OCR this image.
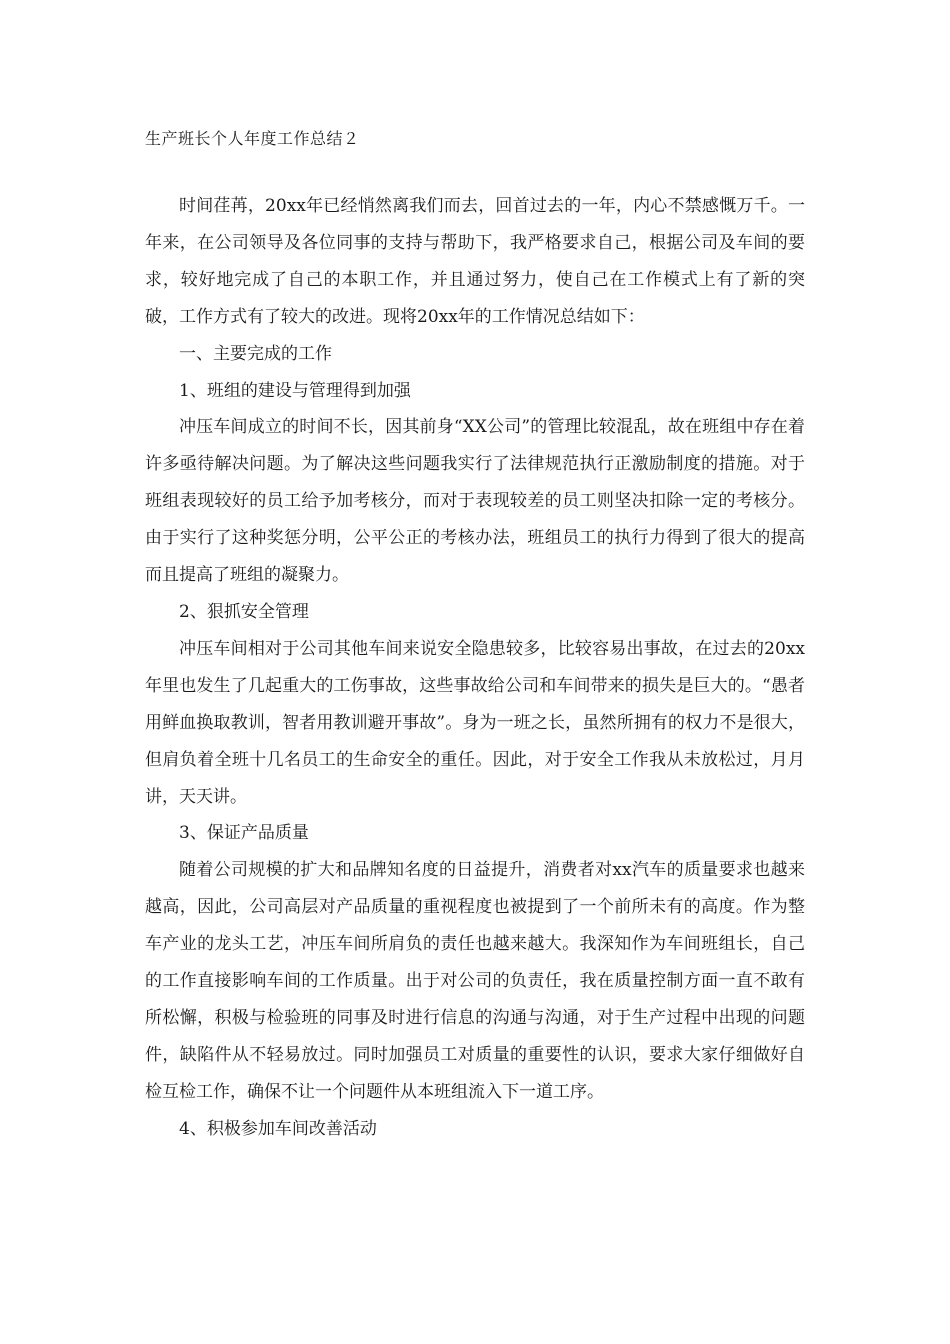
生产班长个人年度工作总结２

时间荏苒，20xx年已经悄然离我们而去，回首过去的一年，内心不禁感慨万千。一年来，在公司领导及各位同事的支持与帮助下，我严格要求自己，根据公司及车间的要求，较好地完成了自己的本职工作，并且通过努力，使自己在工作模式上有了新的突破，工作方式有了较大的改进。现将20xx年的工作情况总结如下：

一、主要完成的工作

1、班组的建设与管理得到加强

冲压车间成立的时间不长，因其前身“XX公司”的管理比较混乱，故在班组中存在着许多亟待解决问题。为了解决这些问题我实行了法律规范执行正激励制度的措施。对于班组表现较好的员工给予加考核分，而对于表现较差的员工则坚决扣除一定的考核分。由于实行了这种奖惩分明，公平公正的考核办法，班组员工的执行力得到了很大的提高而且提高了班组的凝聚力。

2、狠抓安全管理

冲压车间相对于公司其他车间来说安全隐患较多，比较容易出事故，在过去的20xx年里也发生了几起重大的工伤事故，这些事故给公司和车间带来的损失是巨大的。“愚者用鲜血换取教训，智者用教训避开事故”。身为一班之长，虽然所拥有的权力不是很大，但肩负着全班十几名员工的生命安全的重任。因此，对于安全工作我从未放松过，月月讲，天天讲。

3、保证产品质量

随着公司规模的扩大和品牌知名度的日益提升，消费者对xx汽车的质量要求也越来越高，因此，公司高层对产品质量的重视程度也被提到了一个前所未有的高度。作为整车产业的龙头工艺，冲压车间所肩负的责任也越来越大。我深知作为车间班组长，自己的工作直接影响车间的工作质量。出于对公司的负责任，我在质量控制方面一直不敢有所松懈，积极与检验班的同事及时进行信息的沟通与沟通，对于生产过程中出现的问题件，缺陷件从不轻易放过。同时加强员工对质量的重要性的认识，要求大家仔细做好自检互检工作，确保不让一个问题件从本班组流入下一道工序。

4、积极参加车间改善活动
